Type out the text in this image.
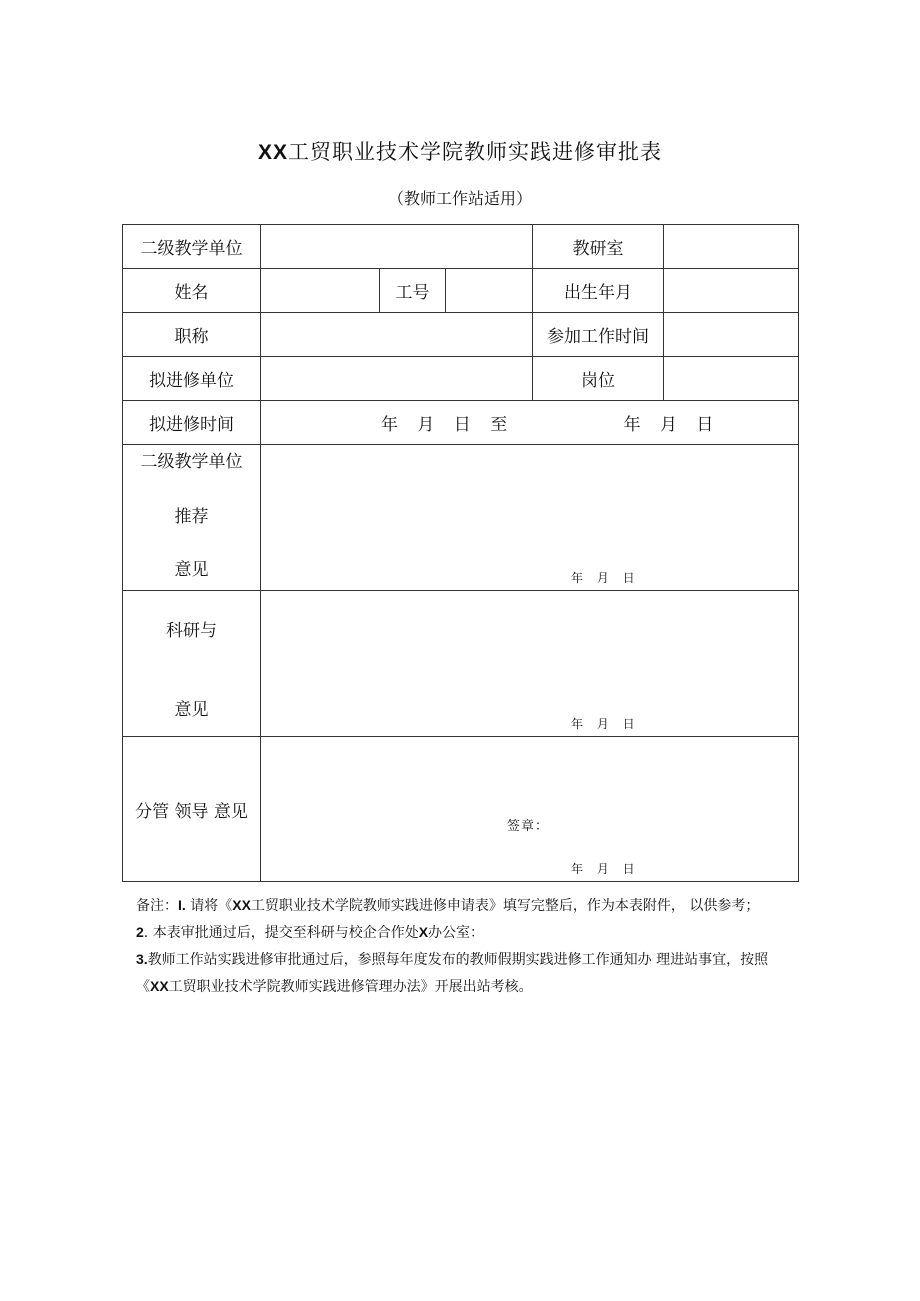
XX工贸职业技术学院教师实践进修审批表
（教师工作站适用）
二级教学单位				教研室	
姓名		工号		出生年月	
职称				参加工作时间	
拟进修单位				岗位	
拟进修时间	年 月 日 至 年 月 日				

二级教学单位
推荐
意见	年 月 日				

科研与
意见	年 月 日				

分管 领导 意见	签章：
年 月 日				

备注：I. 请将《XX工贸职业技术学院教师实践进修申请表》填写完整后，作为本表附件， 以供参考；

2. 本表审批通过后，提交至科研与校企合作处X办公室：

3.教师工作站实践进修审批通过后，参照每年度发布的教师假期实践进修工作通知办 理进站事宜，按照《XX工贸职业技术学院教师实践进修管理办法》开展出站考核。
